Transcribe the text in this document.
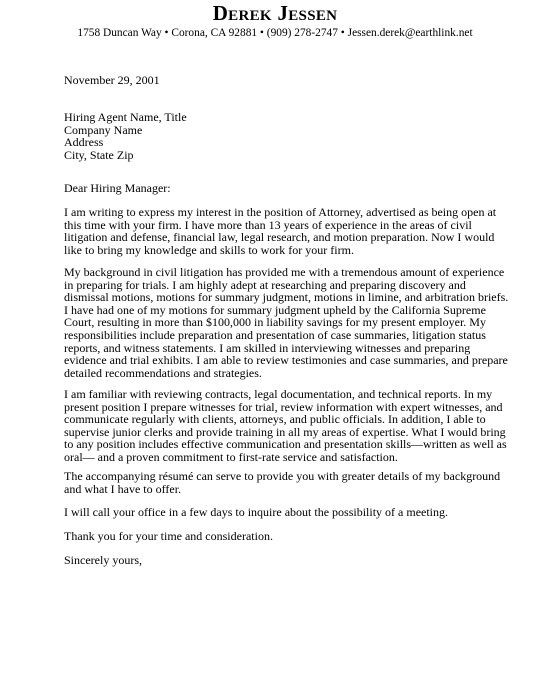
Derek Jessen
1758 Duncan Way • Corona, CA 92881 • (909) 278-2747 • Jessen.derek@earthlink.net
November 29, 2001
Hiring Agent Name, Title
Company Name
Address
City, State Zip
Dear Hiring Manager:
I am writing to express my interest in the position of Attorney, advertised as being open at
this time with your firm. I have more than 13 years of experience in the areas of civil
litigation and defense, financial law, legal research, and motion preparation. Now I would
like to bring my knowledge and skills to work for your firm.
My background in civil litigation has provided me with a tremendous amount of experience
in preparing for trials. I am highly adept at researching and preparing discovery and
dismissal motions, motions for summary judgment, motions in limine, and arbitration briefs.
I have had one of my motions for summary judgment upheld by the California Supreme
Court, resulting in more than $100,000 in liability savings for my present employer. My
responsibilities include preparation and presentation of case summaries, litigation status
reports, and witness statements. I am skilled in interviewing witnesses and preparing
evidence and trial exhibits. I am able to review testimonies and case summaries, and prepare
detailed recommendations and strategies.
I am familiar with reviewing contracts, legal documentation, and technical reports. In my
present position I prepare witnesses for trial, review information with expert witnesses, and
communicate regularly with clients, attorneys, and public officials. In addition, I able to
supervise junior clerks and provide training in all my areas of expertise. What I would bring
to any position includes effective communication and presentation skills—written as well as
oral— and a proven commitment to first-rate service and satisfaction.
The accompanying résumé can serve to provide you with greater details of my background
and what I have to offer.
I will call your office in a few days to inquire about the possibility of a meeting.
Thank you for your time and consideration.
Sincerely yours,
